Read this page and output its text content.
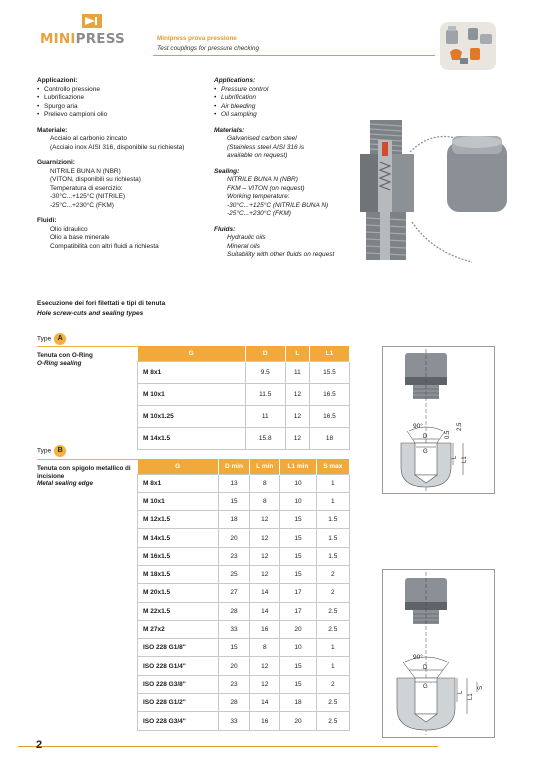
MINIPRESS	Minipress prova pressione
Test couplings for pressure checking
Applicazioni:
• Controllo pressione
• Lubrificazione
• Spurgo aria
• Prelievo campioni olio
Materiale:
Acciaio al carbonio zincato
(Acciaio inox AISI 316, disponibile su richiesta)
Guarnizioni:
NITRILE BUNA N (NBR)
(VITON, disponibili su richiesta)
Temperatura di esercizio:
-30°C...+125°C (NITRILE)
-25°C...+230°C (FKM)
Fluidi:
Olio idraulico
Olio a base minerale
Compatibilità con altri fluidi a richiesta
Applications:
• Pressure control
• Lubrification
• Air bleeding
• Oil sampling
Materials:
Galvanised carbon steel
(Stainless steel AISI 316 is
available on request)
Sealing:
NITRILE BUNA N (NBR)
FKM – VITON (on request)
Working temperature:
-30°C...+125°C (NITRILE BUNA N)
-25°C...+230°C (FKM)
Fluids:
Hydraulic oils
Mineral oils
Suitability with other fluids on request
Esecuzione dei fori filettati e tipi di tenuta
Hole screw-cuts and sealing types
Type A
Tenuta con O-Ring
O-Ring sealing
G	D	L	L1
M 8x1	9.5	11	15.5
M 10x1	11.5	12	16.5
M 10x1.25	11	12	16.5
M 14x1.5	15.8	12	18
Type B
Tenuta con spigolo metallico di incisione
Metal sealing edge
G	D min	L min	L1 min	S max
M 8x1	13	8	10	1
M 10x1	15	8	10	1
M 12x1.5	18	12	15	1.5
M 14x1.5	20	12	15	1.5
M 16x1.5	23	12	15	1.5
M 18x1.5	25	12	15	2
M 20x1.5	27	14	17	2
M 22x1.5	28	14	17	2.5
M 27x2	33	16	20	2.5
ISO 228 G1/8"	15	8	10	1
ISO 228 G1/4"	20	12	15	1
ISO 228 G3/8"	23	12	15	2
ISO 228 G1/2"	28	14	18	2.5
ISO 228 G3/4"	33	16	20	2.5
90°
D
G
L L1
0.5
2.5
90°
D
G
L
L1
S
2
